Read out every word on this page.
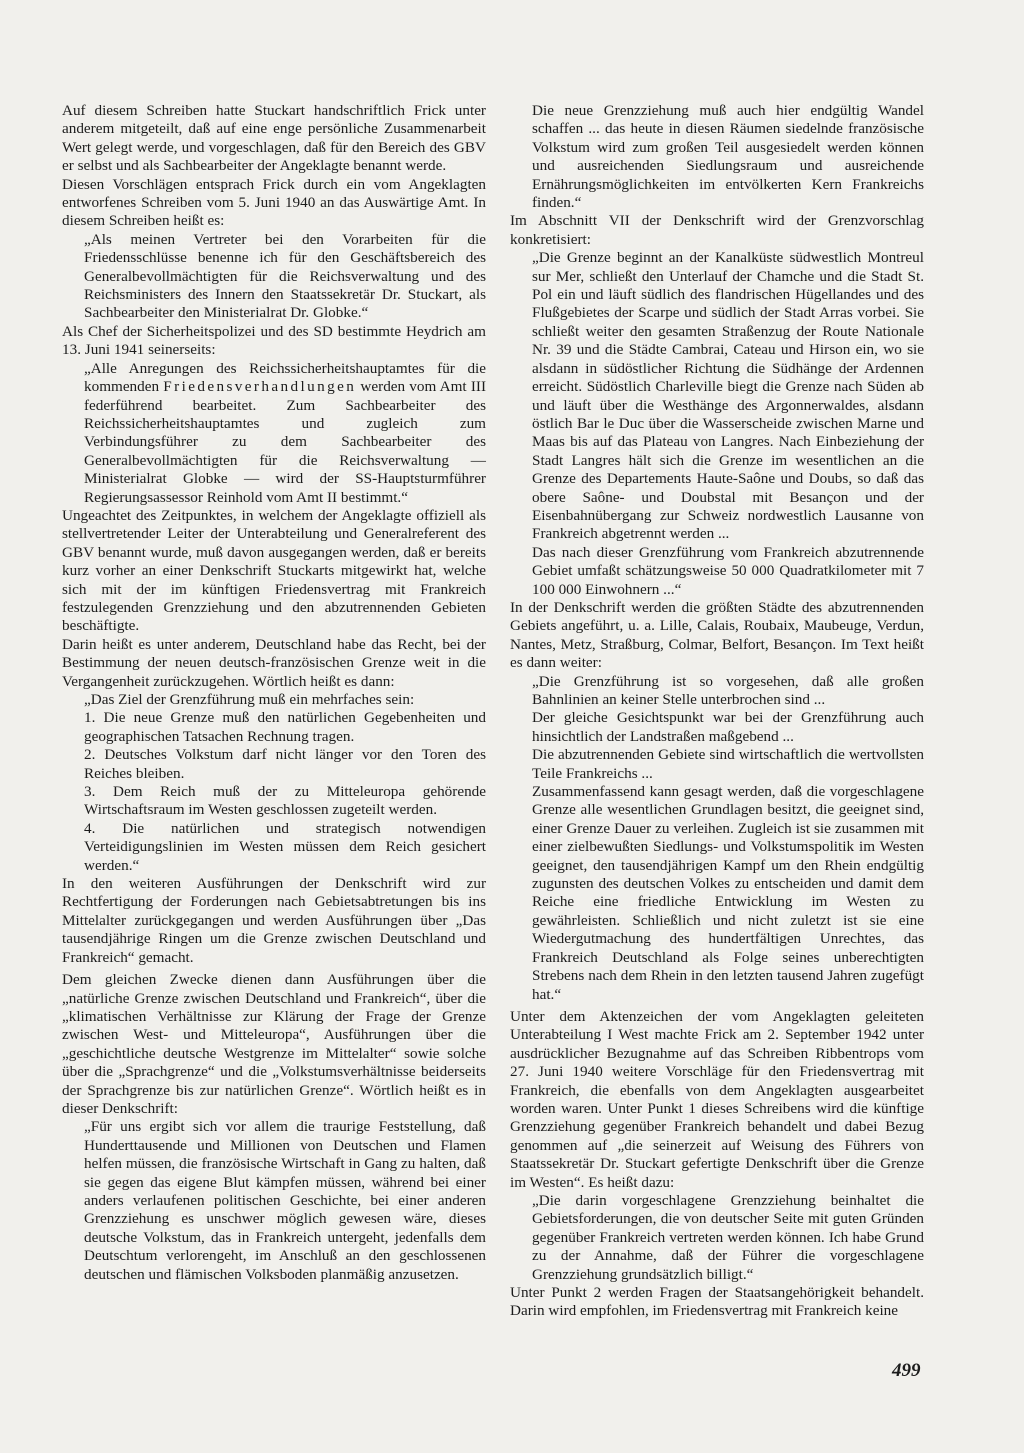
Auf diesem Schreiben hatte Stuckart handschriftlich Frick unter anderem mitgeteilt, daß auf eine enge persönliche Zusammenarbeit Wert gelegt werde, und vorgeschlagen, daß für den Bereich des GBV er selbst und als Sachbearbeiter der Angeklagte benannt werde.

Diesen Vorschlägen entsprach Frick durch ein vom Angeklagten entworfenes Schreiben vom 5. Juni 1940 an das Auswärtige Amt. In diesem Schreiben heißt es:

„Als meinen Vertreter bei den Vorarbeiten für die Friedensschlüsse benenne ich für den Geschäftsbereich des Generalbevollmächtigten für die Reichsverwaltung und des Reichsministers des Innern den Staatssekretär Dr. Stuckart, als Sachbearbeiter den Ministerialrat Dr. Globke.“

Als Chef der Sicherheitspolizei und des SD bestimmte Heydrich am 13. Juni 1941 seinerseits:

„Alle Anregungen des Reichssicherheitshauptamtes für die kommenden Friedensverhandlungen werden vom Amt III federführend bearbeitet. Zum Sachbearbeiter des Reichssicherheitshauptamtes und zugleich zum Verbindungsführer zu dem Sachbearbeiter des Generalbevollmächtigten für die Reichsverwaltung — Ministerialrat Globke — wird der SS-Hauptsturmführer Regierungsassessor Reinhold vom Amt II bestimmt.“

Ungeachtet des Zeitpunktes, in welchem der Angeklagte offiziell als stellvertretender Leiter der Unterabteilung und Generalreferent des GBV benannt wurde, muß davon ausgegangen werden, daß er bereits kurz vorher an einer Denkschrift Stuckarts mitgewirkt hat, welche sich mit der im künftigen Friedensvertrag mit Frankreich festzulegenden Grenzziehung und den abzutrennenden Gebieten beschäftigte.

Darin heißt es unter anderem, Deutschland habe das Recht, bei der Bestimmung der neuen deutsch-französischen Grenze weit in die Vergangenheit zurückzugehen. Wörtlich heißt es dann:

„Das Ziel der Grenzführung muß ein mehrfaches sein:

1. Die neue Grenze muß den natürlichen Gegebenheiten und geographischen Tatsachen Rechnung tragen.

2. Deutsches Volkstum darf nicht länger vor den Toren des Reiches bleiben.

3. Dem Reich muß der zu Mitteleuropa gehörende Wirtschaftsraum im Westen geschlossen zugeteilt werden.

4. Die natürlichen und strategisch notwendigen Verteidigungslinien im Westen müssen dem Reich gesichert werden.“

In den weiteren Ausführungen der Denkschrift wird zur Rechtfertigung der Forderungen nach Gebietsabtretungen bis ins Mittelalter zurückgegangen und werden Ausführungen über „Das tausendjährige Ringen um die Grenze zwischen Deutschland und Frankreich“ gemacht.

Dem gleichen Zwecke dienen dann Ausführungen über die „natürliche Grenze zwischen Deutschland und Frankreich“, über die „klimatischen Verhältnisse zur Klärung der Frage der Grenze zwischen West- und Mitteleuropa“, Ausführungen über die „geschichtliche deutsche Westgrenze im Mittelalter“ sowie solche über die „Sprachgrenze“ und die „Volkstumsverhältnisse beiderseits der Sprachgrenze bis zur natürlichen Grenze“. Wörtlich heißt es in dieser Denkschrift:

„Für uns ergibt sich vor allem die traurige Feststellung, daß Hunderttausende und Millionen von Deutschen und Flamen helfen müssen, die französische Wirtschaft in Gang zu halten, daß sie gegen das eigene Blut kämpfen müssen, während bei einer anders verlaufenen politischen Geschichte, bei einer anderen Grenzziehung es unschwer möglich gewesen wäre, dieses deutsche Volkstum, das in Frankreich untergeht, jedenfalls dem Deutschtum verlorengeht, im Anschluß an den geschlossenen deutschen und flämischen Volksboden planmäßig anzusetzen.

Die neue Grenzziehung muß auch hier endgültig Wandel schaffen ... das heute in diesen Räumen siedelnde französische Volkstum wird zum großen Teil ausgesiedelt werden können und ausreichenden Siedlungsraum und ausreichende Ernährungsmöglichkeiten im entvölkerten Kern Frankreichs finden.“

Im Abschnitt VII der Denkschrift wird der Grenzvorschlag konkretisiert:

„Die Grenze beginnt an der Kanalküste südwestlich Montreul sur Mer, schließt den Unterlauf der Chamche und die Stadt St. Pol ein und läuft südlich des flandrischen Hügellandes und des Flußgebietes der Scarpe und südlich der Stadt Arras vorbei. Sie schließt weiter den gesamten Straßenzug der Route Nationale Nr. 39 und die Städte Cambrai, Cateau und Hirson ein, wo sie alsdann in südöstlicher Richtung die Südhänge der Ardennen erreicht. Südöstlich Charleville biegt die Grenze nach Süden ab und läuft über die Westhänge des Argonnerwaldes, alsdann östlich Bar le Duc über die Wasserscheide zwischen Marne und Maas bis auf das Plateau von Langres. Nach Einbeziehung der Stadt Langres hält sich die Grenze im wesentlichen an die Grenze des Departements Haute-Saône und Doubs, so daß das obere Saône- und Doubstal mit Besançon und der Eisenbahnübergang zur Schweiz nordwestlich Lausanne von Frankreich abgetrennt werden ...

Das nach dieser Grenzführung vom Frankreich abzutrennende Gebiet umfaßt schätzungsweise 50 000 Quadratkilometer mit 7 100 000 Einwohnern ...“

In der Denkschrift werden die größten Städte des abzutrennenden Gebiets angeführt, u. a. Lille, Calais, Roubaix, Maubeuge, Verdun, Nantes, Metz, Straßburg, Colmar, Belfort, Besançon. Im Text heißt es dann weiter:

„Die Grenzführung ist so vorgesehen, daß alle großen Bahnlinien an keiner Stelle unterbrochen sind ...

Der gleiche Gesichtspunkt war bei der Grenzführung auch hinsichtlich der Landstraßen maßgebend ...

Die abzutrennenden Gebiete sind wirtschaftlich die wertvollsten Teile Frankreichs ...

Zusammenfassend kann gesagt werden, daß die vorgeschlagene Grenze alle wesentlichen Grundlagen besitzt, die geeignet sind, einer Grenze Dauer zu verleihen. Zugleich ist sie zusammen mit einer zielbewußten Siedlungs- und Volkstumspolitik im Westen geeignet, den tausendjährigen Kampf um den Rhein endgültig zugunsten des deutschen Volkes zu entscheiden und damit dem Reiche eine friedliche Entwicklung im Westen zu gewährleisten. Schließlich und nicht zuletzt ist sie eine Wiedergutmachung des hundertfältigen Unrechtes, das Frankreich Deutschland als Folge seines unberechtigten Strebens nach dem Rhein in den letzten tausend Jahren zugefügt hat.“

Unter dem Aktenzeichen der vom Angeklagten geleiteten Unterabteilung I West machte Frick am 2. September 1942 unter ausdrücklicher Bezugnahme auf das Schreiben Ribbentrops vom 27. Juni 1940 weitere Vorschläge für den Friedensvertrag mit Frankreich, die ebenfalls von dem Angeklagten ausgearbeitet worden waren. Unter Punkt 1 dieses Schreibens wird die künftige Grenzziehung gegenüber Frankreich behandelt und dabei Bezug genommen auf „die seinerzeit auf Weisung des Führers von Staatssekretär Dr. Stuckart gefertigte Denkschrift über die Grenze im Westen“. Es heißt dazu:

„Die darin vorgeschlagene Grenzziehung beinhaltet die Gebietsforderungen, die von deutscher Seite mit guten Gründen gegenüber Frankreich vertreten werden können. Ich habe Grund zu der Annahme, daß der Führer die vorgeschlagene Grenzziehung grundsätzlich billigt.“

Unter Punkt 2 werden Fragen der Staatsangehörigkeit behandelt. Darin wird empfohlen, im Friedensvertrag mit Frankreich keine

499
